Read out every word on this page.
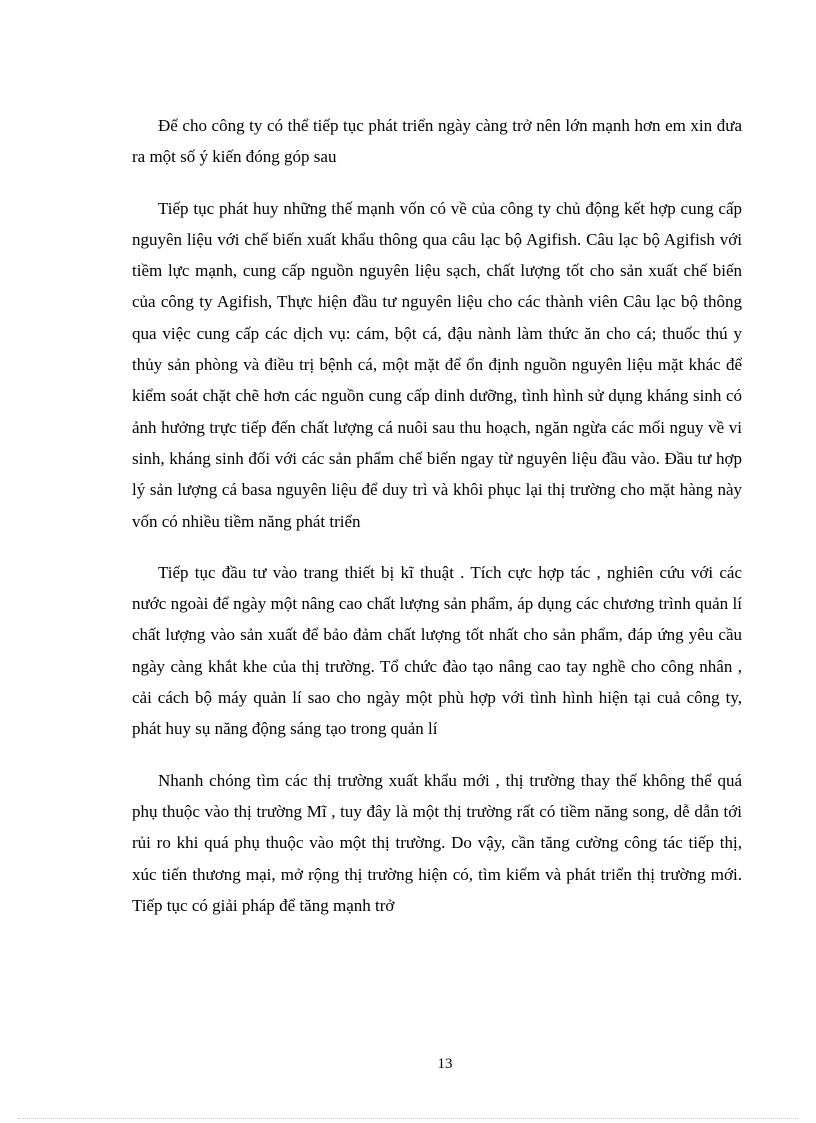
Để cho công ty có thể tiếp tục phát triển ngày càng trở nên lớn mạnh hơn em xin đưa ra một số ý kiến đóng góp sau

Tiếp tục phát huy những thế mạnh vốn có về của công ty chủ động kết hợp cung cấp nguyên liệu với chế biến xuất khẩu thông qua câu lạc bộ Agifish. Câu lạc bộ Agifish với tiềm lực mạnh, cung cấp nguồn nguyên liệu sạch, chất lượng tốt cho sản xuất chế biến của công ty Agifish, Thực hiện đầu tư nguyên liệu cho các thành viên Câu lạc bộ thông qua việc cung cấp các dịch vụ: cám, bột cá, đậu nành làm thức ăn cho cá; thuốc thú y thủy sản phòng và điều trị bệnh cá, một mặt để ổn định nguồn nguyên liệu mặt khác để kiểm soát chặt chẽ hơn các nguồn cung cấp dinh dưỡng, tình hình sử dụng kháng sinh có ảnh hưởng trực tiếp đến chất lượng cá nuôi sau thu hoạch, ngăn ngừa các mối nguy về vi sinh, kháng sinh đối với các sản phẩm chế biến ngay từ nguyên liệu đầu vào. Đầu tư hợp lý sản lượng cá basa nguyên liệu để duy trì và khôi phục lại thị trường cho mặt hàng này vốn có nhiều tiềm năng phát triển

Tiếp tục đầu tư vào trang thiết bị kĩ thuật . Tích cực hợp tác , nghiên cứu với các nước ngoài để ngày một nâng cao chất lượng sản phẩm, áp dụng các chương trình quản lí chất lượng vào sản xuất để bảo đảm chất lượng tốt nhất cho sản phẩm, đáp ứng yêu cầu ngày càng khắt khe của thị trường. Tổ chức đào tạo nâng cao tay nghề cho công nhân , cải cách bộ máy quản lí sao cho ngày một phù hợp với tình hình hiện tại cuả công ty, phát huy sụ năng động sáng tạo trong quản lí

Nhanh chóng tìm các thị trường xuất khẩu mới , thị trường thay thế không thể quá phụ thuộc vào thị trường Mĩ , tuy đây là một thị trường rất có tiềm năng song, dễ dẫn tới rủi ro khi quá phụ thuộc vào một thị trường. Do vậy, cần tăng cường công tác tiếp thị, xúc tiến thương mại, mở rộng thị trường hiện có, tìm kiếm và phát triển thị trường mới. Tiếp tục có giải pháp để tăng mạnh trở

13
